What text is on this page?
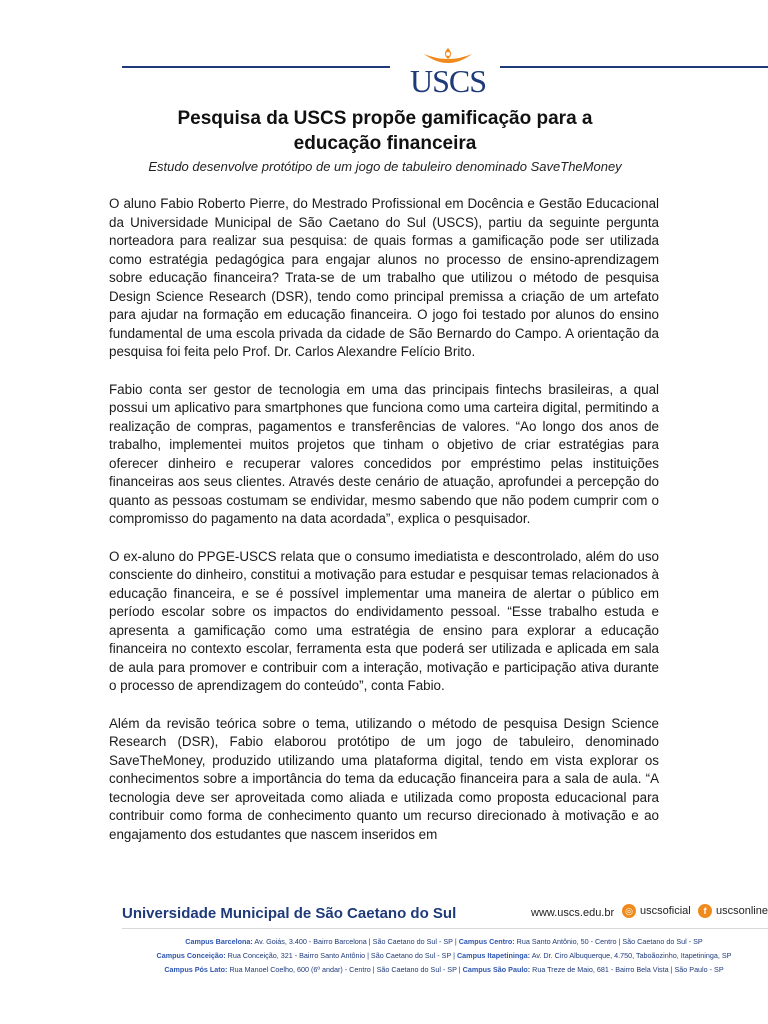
USCS
Pesquisa da USCS propõe gamificação para a educação financeira
Estudo desenvolve protótipo de um jogo de tabuleiro denominado SaveTheMoney

O aluno Fabio Roberto Pierre, do Mestrado Profissional em Docência e Gestão Educacional da Universidade Municipal de São Caetano do Sul (USCS), partiu da seguinte pergunta norteadora para realizar sua pesquisa: de quais formas a gamificação pode ser utilizada como estratégia pedagógica para engajar alunos no processo de ensino-aprendizagem sobre educação financeira? Trata-se de um trabalho que utilizou o método de pesquisa Design Science Research (DSR), tendo como principal premissa a criação de um artefato para ajudar na formação em educação financeira. O jogo foi testado por alunos do ensino fundamental de uma escola privada da cidade de São Bernardo do Campo. A orientação da pesquisa foi feita pelo Prof. Dr. Carlos Alexandre Felício Brito.

Fabio conta ser gestor de tecnologia em uma das principais fintechs brasileiras, a qual possui um aplicativo para smartphones que funciona como uma carteira digital, permitindo a realização de compras, pagamentos e transferências de valores. “Ao longo dos anos de trabalho, implementei muitos projetos que tinham o objetivo de criar estratégias para oferecer dinheiro e recuperar valores concedidos por empréstimo pelas instituições financeiras aos seus clientes. Através deste cenário de atuação, aprofundei a percepção do quanto as pessoas costumam se endividar, mesmo sabendo que não podem cumprir com o compromisso do pagamento na data acordada”, explica o pesquisador.

O ex-aluno do PPGE-USCS relata que o consumo imediatista e descontrolado, além do uso consciente do dinheiro, constitui a motivação para estudar e pesquisar temas relacionados à educação financeira, e se é possível implementar uma maneira de alertar o público em período escolar sobre os impactos do endividamento pessoal. “Esse trabalho estuda e apresenta a gamificação como uma estratégia de ensino para explorar a educação financeira no contexto escolar, ferramenta esta que poderá ser utilizada e aplicada em sala de aula para promover e contribuir com a interação, motivação e participação ativa durante o processo de aprendizagem do conteúdo”, conta Fabio.

Além da revisão teórica sobre o tema, utilizando o método de pesquisa Design Science Research (DSR), Fabio elaborou protótipo de um jogo de tabuleiro, denominado SaveTheMoney, produzido utilizando uma plataforma digital, tendo em vista explorar os conhecimentos sobre a importância do tema da educação financeira para a sala de aula. “A tecnologia deve ser aproveitada como aliada e utilizada como proposta educacional para contribuir como forma de conhecimento quanto um recurso direcionado à motivação e ao engajamento dos estudantes que nascem inseridos em

Universidade Municipal de São Caetano do Sul	www.uscs.edu.br	◎ uscsoficial	f uscsonline
Campus Barcelona: Av. Goiás, 3.400 - Bairro Barcelona | São Caetano do Sul - SP | Campus Centro: Rua Santo Antônio, 50 - Centro | São Caetano do Sul - SP
Campus Conceição: Rua Conceição, 321 - Bairro Santo Antônio | São Caetano do Sul - SP | Campus Itapetininga: Av. Dr. Ciro Albuquerque, 4.750, Taboãozinho, Itapetininga, SP
Campus Pós Lato: Rua Manoel Coelho, 600 (6º andar) - Centro | São Caetano do Sul - SP | Campus São Paulo: Rua Treze de Maio, 681 - Bairro Bela Vista | São Paulo - SP
